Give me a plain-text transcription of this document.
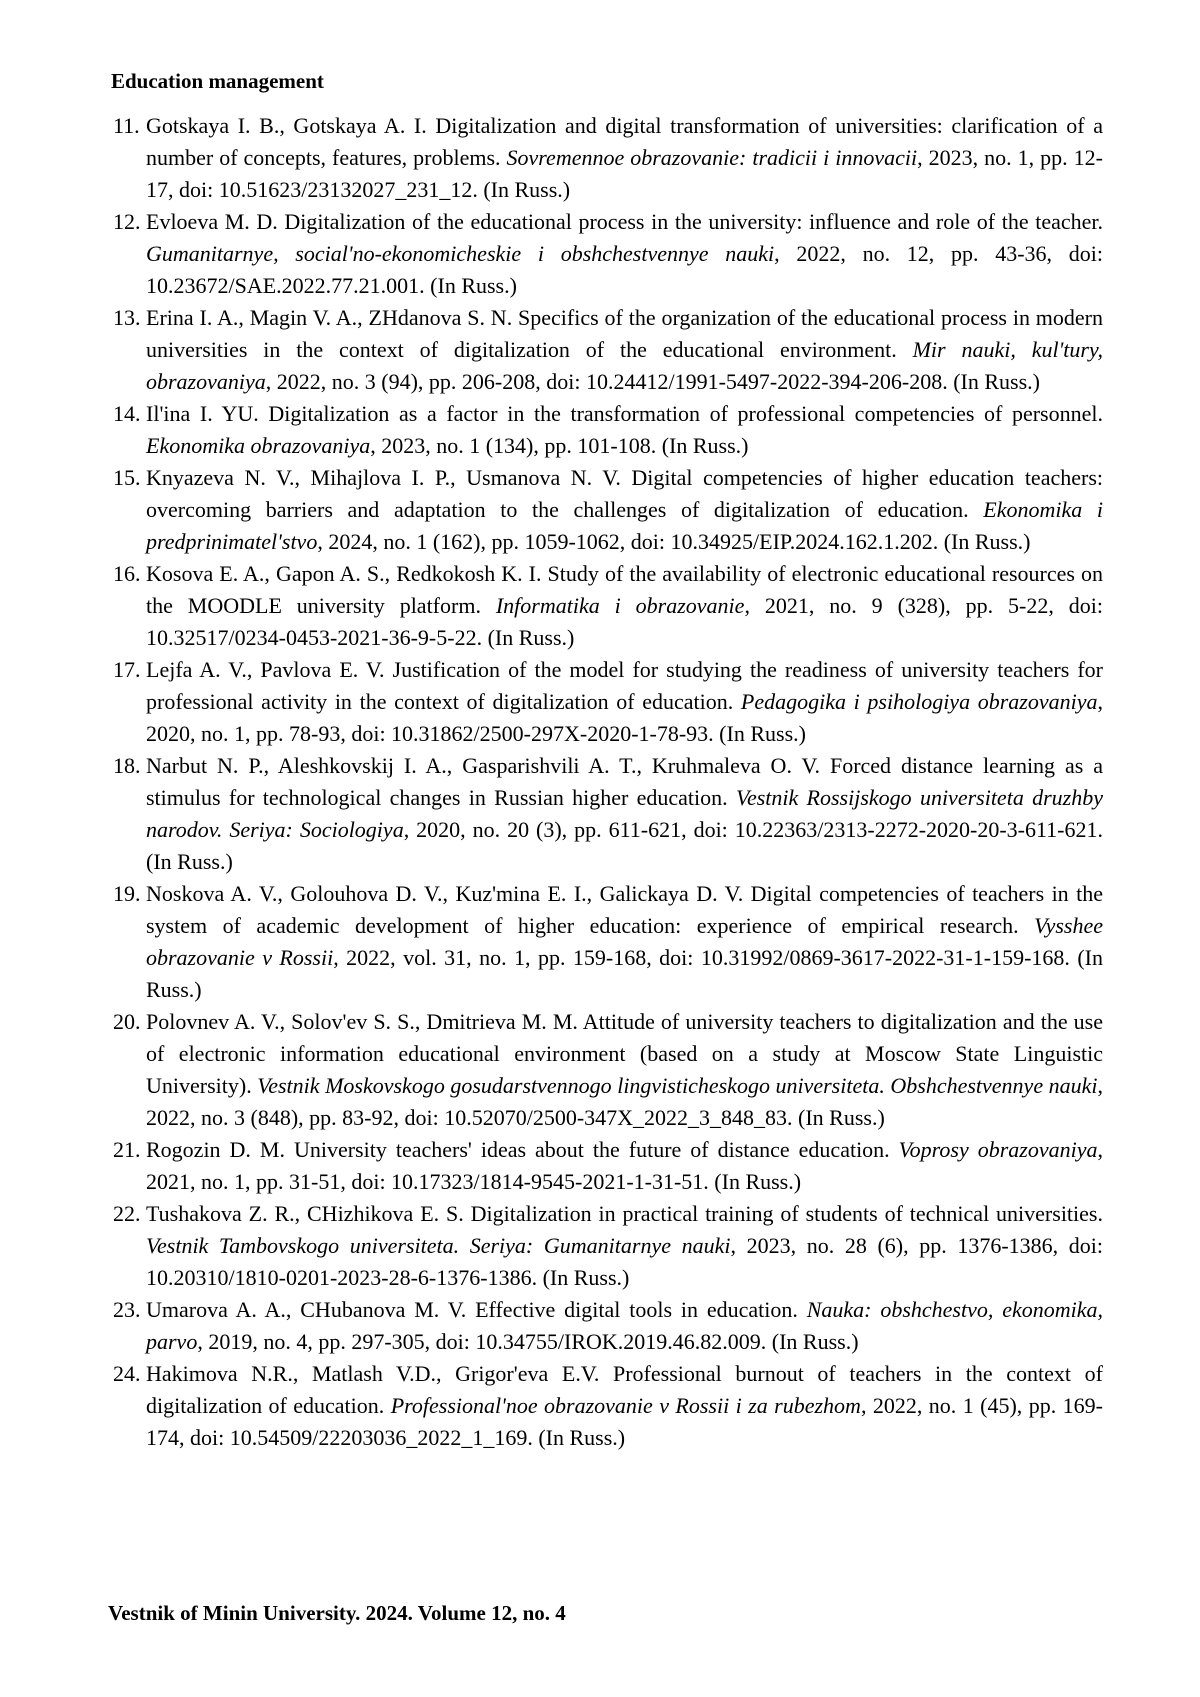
Education management
11. Gotskaya I. B., Gotskaya A. I. Digitalization and digital transformation of universities: clarification of a number of concepts, features, problems. Sovremennoe obrazovanie: tradicii i innovacii, 2023, no. 1, pp. 12-17, doi: 10.51623/23132027_231_12. (In Russ.)
12. Evloeva M. D. Digitalization of the educational process in the university: influence and role of the teacher. Gumanitarnye, social'no-ekonomicheskie i obshchestvennye nauki, 2022, no. 12, pp. 43-36, doi: 10.23672/SAE.2022.77.21.001. (In Russ.)
13. Erina I. A., Magin V. A., ZHdanova S. N. Specifics of the organization of the educational process in modern universities in the context of digitalization of the educational environment. Mir nauki, kul'tury, obrazovaniya, 2022, no. 3 (94), pp. 206-208, doi: 10.24412/1991-5497-2022-394-206-208. (In Russ.)
14. Il'ina I. YU. Digitalization as a factor in the transformation of professional competencies of personnel. Ekonomika obrazovaniya, 2023, no. 1 (134), pp. 101-108. (In Russ.)
15. Knyazeva N. V., Mihajlova I. P., Usmanova N. V. Digital competencies of higher education teachers: overcoming barriers and adaptation to the challenges of digitalization of education. Ekonomika i predprinimatel'stvo, 2024, no. 1 (162), pp. 1059-1062, doi: 10.34925/EIP.2024.162.1.202. (In Russ.)
16. Kosova E. A., Gapon A. S., Redkokosh K. I. Study of the availability of electronic educational resources on the MOODLE university platform. Informatika i obrazovanie, 2021, no. 9 (328), pp. 5-22, doi: 10.32517/0234-0453-2021-36-9-5-22. (In Russ.)
17. Lejfa A. V., Pavlova E. V. Justification of the model for studying the readiness of university teachers for professional activity in the context of digitalization of education. Pedagogika i psihologiya obrazovaniya, 2020, no. 1, pp. 78-93, doi: 10.31862/2500-297X-2020-1-78-93. (In Russ.)
18. Narbut N. P., Aleshkovskij I. A., Gasparishvili A. T., Kruhmaleva O. V. Forced distance learning as a stimulus for technological changes in Russian higher education. Vestnik Rossijskogo universiteta druzhby narodov. Seriya: Sociologiya, 2020, no. 20 (3), pp. 611-621, doi: 10.22363/2313-2272-2020-20-3-611-621. (In Russ.)
19. Noskova A. V., Golouhova D. V., Kuz'mina E. I., Galickaya D. V. Digital competencies of teachers in the system of academic development of higher education: experience of empirical research. Vysshee obrazovanie v Rossii, 2022, vol. 31, no. 1, pp. 159-168, doi: 10.31992/0869-3617-2022-31-1-159-168. (In Russ.)
20. Polovnev A. V., Solov'ev S. S., Dmitrieva M. M. Attitude of university teachers to digitalization and the use of electronic information educational environment (based on a study at Moscow State Linguistic University). Vestnik Moskovskogo gosudarstvennogo lingvisticheskogo universiteta. Obshchestvennye nauki, 2022, no. 3 (848), pp. 83-92, doi: 10.52070/2500-347X_2022_3_848_83. (In Russ.)
21. Rogozin D. M. University teachers' ideas about the future of distance education. Voprosy obrazovaniya, 2021, no. 1, pp. 31-51, doi: 10.17323/1814-9545-2021-1-31-51. (In Russ.)
22. Tushakova Z. R., CHizhikova E. S. Digitalization in practical training of students of technical universities. Vestnik Tambovskogo universiteta. Seriya: Gumanitarnye nauki, 2023, no. 28 (6), pp. 1376-1386, doi: 10.20310/1810-0201-2023-28-6-1376-1386. (In Russ.)
23. Umarova A. A., CHubanova M. V. Effective digital tools in education. Nauka: obshchestvo, ekonomika, parvo, 2019, no. 4, pp. 297-305, doi: 10.34755/IROK.2019.46.82.009. (In Russ.)
24. Hakimova N.R., Matlash V.D., Grigor'eva E.V. Professional burnout of teachers in the context of digitalization of education. Professional'noe obrazovanie v Rossii i za rubezhom, 2022, no. 1 (45), pp. 169-174, doi: 10.54509/22203036_2022_1_169. (In Russ.)
Vestnik of Minin University. 2024. Volume 12, no. 4
